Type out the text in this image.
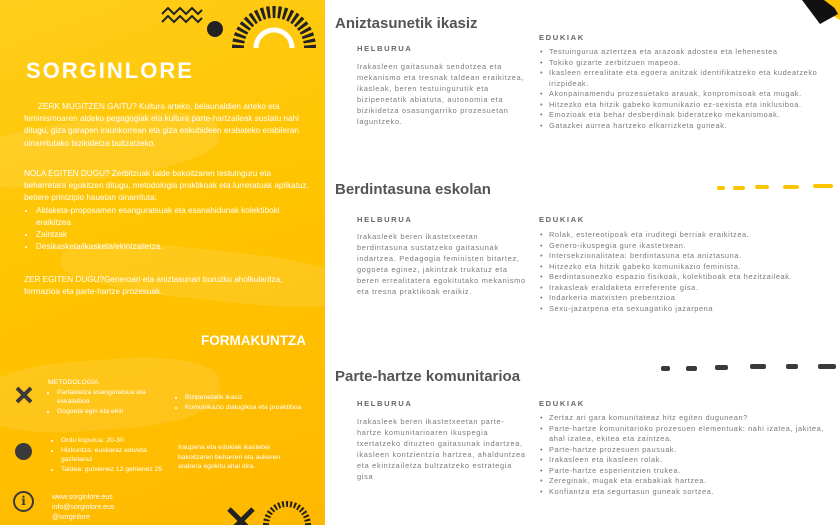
SORGINLORE
ZERK MUGITZEN GAITU? Kultura arteko, belaunaldien arteko eta feminismoaren aldeko pegagogiak eta kultura parte-hartzaileak sustatu nahi ditugu, giza garapen iraunkorrean eta giza eskubideen erabateko erabileran oinarritutako bizikidetza bultzatzeko.
NOLA EGITEN DUGU? Zerbitzuak talde bakoitzaren testuinguru eta beharretara egokitzen ditugu, metodologia praktikoak eta lurreratuak aplikatuz, betiere printzipio hauetan oinarrituta:
• Aldaketa-proposamen esanguratsuak eta esanahidunak kolektiboki eraikitzea
• Zaintzak
• Desikasketa/ikasketa/ekintzailetza.
ZER EGITEN DUGU?Generoari eta aniztasunari buruzko aholkularitza, formazioa eta parte-hartze prozesuak.
FORMAKUNTZA
METODOLOGIA
• Partaidetza esanguratsua eta eskalaiboa
• Gogoeta egin eta ekin
• Bizipenetatik ikasiz
• Komunikazio dialogikoa eta proaktiboa
• Ordu kopurua: 20-30
• Hizkuntza: euskaraz edo/eta gaztelaraz
• Taldea: gutxienez 12 gehienez 25
Iraupena eta edukiak ikastetxe bakoitzaren beharren eta aukeren arabera egokitu ahal dira.
i	www.sorginlore.eus
info@sorginlore.eus
@sorginlore
Aniztasunetik ikasiz
HELBURUA
Irakasleen gaitasunak sendotzea eta mekanismo eta tresnak taldean eraikitzea, ikasleak, beren testuingurutik eta bizipenetatik abiatuta, autonomia eta bizikidetza osasungarriko prozesuetan laguntzeko.
EDUKIAK
• Testuingurua aztertzea eta arazoak adostea eta lehenestea
• Tokiko gizarte zerbitzuen mapeoa.
• Ikasleen errealitate eta egoera anitzak identifikatzeko eta kudeatzeko irizpideak.
• Akonpainamendu prozesuetako arauak, konpromisoak eta mugak.
• Hitzezko eta hitzik gabeko komunikazio ez-sexista eta inklusiboa.
• Emozioak eta behar desberdinak bideratzeko mekanismoak.
• Gatazkei aurrea hartzeko elkarrizketa guneak.
Berdintasuna eskolan
HELBURUA
Irakasleek beren ikastetxeetan berdintasuna sustatzeko gaitasunak indartzea. Pedagogia feministen bitartez, gogoeta eginez, jakintzak trukatuz eta beren errealitatera egokitutako mekanismo eta tresna praktikoak eraikiz.
EDUKIAK
• Rolak, estereotipoak eta iruditegi berriak eraikitzea.
• Genero-ikuspegia gure ikastetxean.
• Intersekzionalitatea: berdintasuna eta aniztasuna.
• Hitzezko eta hitzik gabeko komunikazio feminista.
• Berdintasunezko espazio fisikoak, kolektiboak eta hezitzaileak.
• Irakasleak eraldaketa erreferente gisa.
• Indarkeria matxisten prebentzioa
• Sexu-jazarpena eta sexuagatiko jazarpena
Parte-hartze komunitarioa
HELBURUA
Irakasleek beren ikastetxeetan parte-hartze komunitarioaren ikuspegia txertatzeko dituzten gaitasunak indartzea, ikasleen kontzientzia hartzea, ahalduntzea eta ekintzailetza bultzatzeko estrategia gisa
EDUKIAK
• Zertaz ari gara komunitateaz hitz egiten dugunean?
• Parte-hartze komunitarioko prozesuen elementuak: nahi izatea, jakitea, ahal izatea, ekitea eta zaintzea.
• Parte-hartze prozesuen pausuak.
• Irakasleen eta ikasleen rolak.
• Parte-hartze esperientzien trukea.
• Zereginak, mugak eta erabakiak hartzea.
• Konfiantza eta segurtasun guneak sortzea.
